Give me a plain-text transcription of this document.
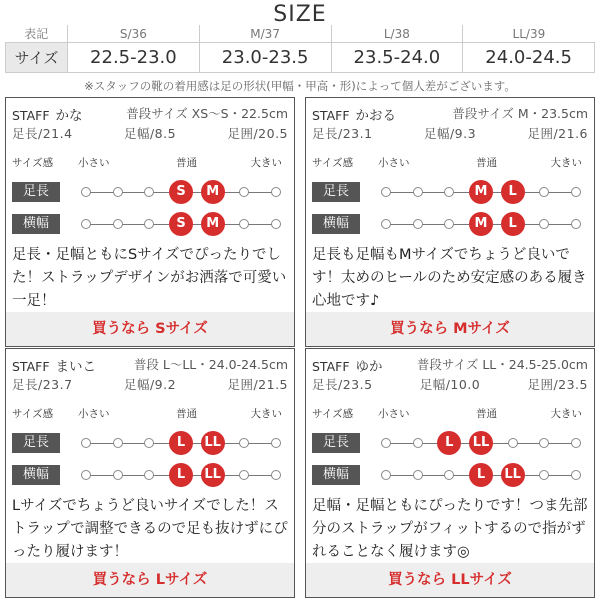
SIZE
表記	S/36	M/37	L/38	LL/39
サイズ	22.5-23.0	23.0-23.5	23.5-24.0	24.0-24.5
※スタッフの靴の着用感は足の形状(甲幅・甲高・形)によって個人差がございます。
STAFF かな	普段サイズ XS〜S・22.5cm
足長/21.4	足幅/8.5	足囲/20.5
サイズ感 小さい	普通	大きい
足長	S	M
横幅	S	M
足長・足幅ともにSサイズでぴったりでした！ストラップデザインがお洒落で可愛い一足！
買うなら Sサイズ
STAFF かおる	普段サイズ M・23.5cm
足長/23.1	足幅/9.3	足囲/21.6
サイズ感 小さい	普通	大きい
足長	M	L
横幅	M	L
足長も足幅もMサイズでちょうど良いです！太めのヒールのため安定感のある履き心地です♪
買うなら Mサイズ
STAFF まいこ	普段 L〜LL・24.0-24.5cm
足長/23.7	足幅/9.2	足囲/21.5
サイズ感 小さい	普通	大きい
足長	L	LL
横幅	L	LL
Lサイズでちょうど良いサイズでした！ストラップで調整できるので足も抜けずにぴったり履けます！
買うなら Lサイズ
STAFF ゆか	普段サイズ LL・24.5-25.0cm
足長/23.5	足幅/10.0	足囲/23.5
サイズ感 小さい	普通	大きい
足長	L	LL
横幅	L	LL
足幅・足幅ともにぴったりです！つま先部分のストラップがフィットするので指がずれることなく履けます◎
買うなら LLサイズ
